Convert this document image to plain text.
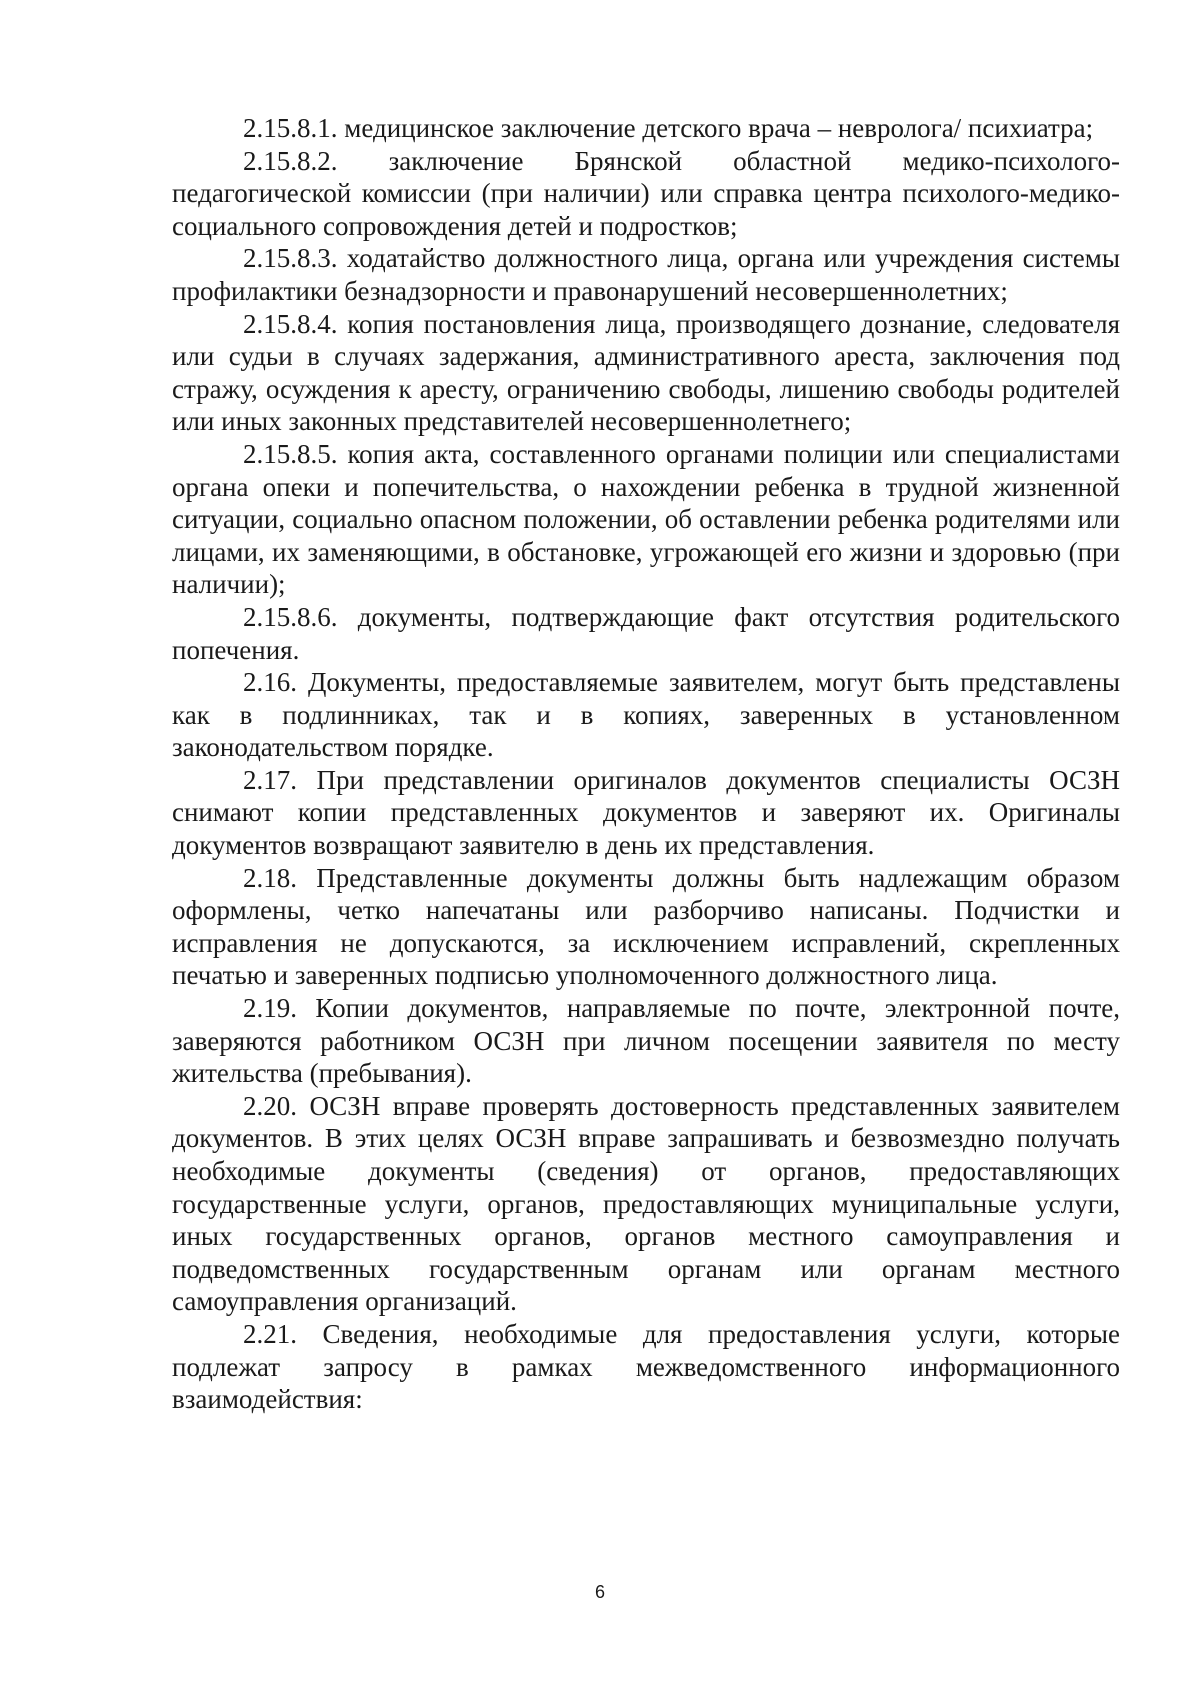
2.15.8.1. медицинское заключение детского врача – невролога/ психиатра;

2.15.8.2. заключение Брянской областной медико-психолого-педагогической комиссии (при наличии) или справка центра психолого-медико-социального сопровождения детей и подростков;

2.15.8.3. ходатайство должностного лица, органа или учреждения системы профилактики безнадзорности и правонарушений несовершеннолетних;

2.15.8.4. копия постановления лица, производящего дознание, следователя или судьи в случаях задержания, административного ареста, заключения под стражу, осуждения к аресту, ограничению свободы, лишению свободы родителей или иных законных представителей несовершеннолетнего;

2.15.8.5. копия акта, составленного органами полиции или специалистами органа опеки и попечительства, о нахождении ребенка в трудной жизненной ситуации, социально опасном положении, об оставлении ребенка родителями или лицами, их заменяющими, в обстановке, угрожающей его жизни и здоровью (при наличии);

2.15.8.6. документы, подтверждающие факт отсутствия родительского попечения.

2.16. Документы, предоставляемые заявителем, могут быть представлены как в подлинниках, так и в копиях, заверенных в установленном законодательством порядке.

2.17. При представлении оригиналов документов специалисты ОСЗН снимают копии представленных документов и заверяют их. Оригиналы документов возвращают заявителю в день их представления.

2.18. Представленные документы должны быть надлежащим образом оформлены, четко напечатаны или разборчиво написаны. Подчистки и исправления не допускаются, за исключением исправлений, скрепленных печатью и заверенных подписью уполномоченного должностного лица.

2.19. Копии документов, направляемые по почте, электронной почте, заверяются работником ОСЗН при личном посещении заявителя по месту жительства (пребывания).

2.20. ОСЗН вправе проверять достоверность представленных заявителем документов. В этих целях ОСЗН вправе запрашивать и безвозмездно получать необходимые документы (сведения) от органов, предоставляющих государственные услуги, органов, предоставляющих муниципальные услуги, иных государственных органов, органов местного самоуправления и подведомственных государственным органам или органам местного самоуправления организаций.

2.21. Сведения, необходимые для предоставления услуги, которые подлежат запросу в рамках межведомственного информационного взаимодействия:

6
